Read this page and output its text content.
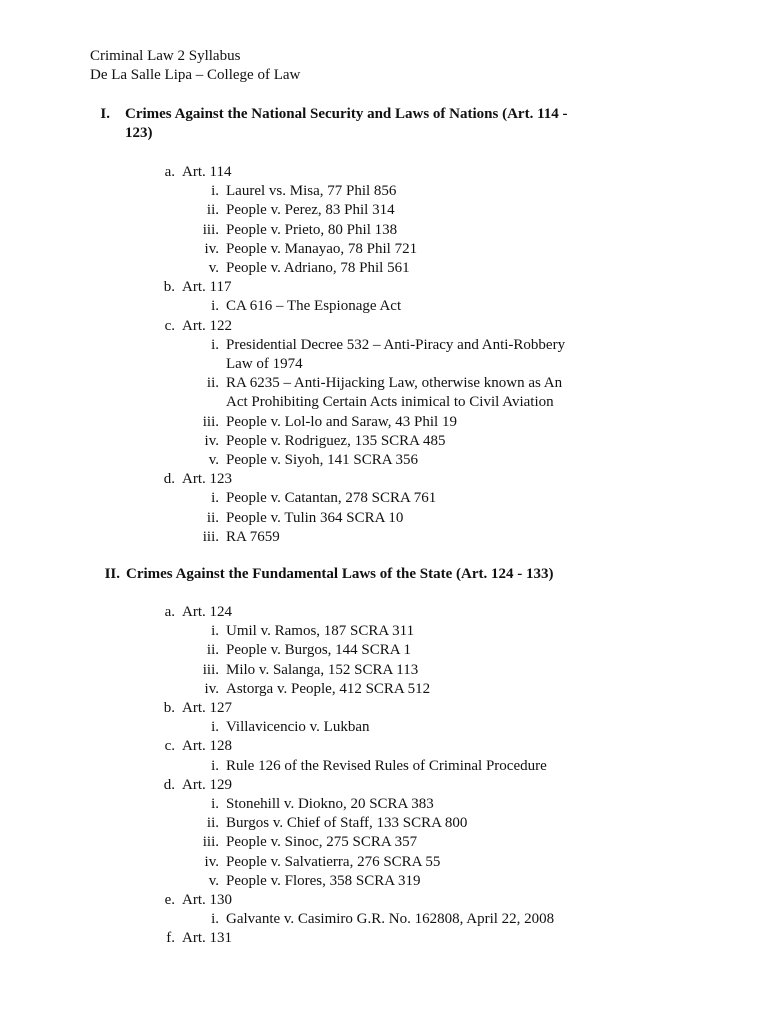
Criminal Law 2 Syllabus
De La Salle Lipa – College of Law
I. Crimes Against the National Security and Laws of Nations (Art. 114 -
123)
a. Art. 114
i. Laurel vs. Misa, 77 Phil 856
ii. People v. Perez, 83 Phil 314
iii. People v. Prieto, 80 Phil 138
iv. People v. Manayao, 78 Phil 721
v. People v. Adriano, 78 Phil 561
b. Art. 117
i. CA 616 – The Espionage Act
c. Art. 122
i. Presidential Decree 532 – Anti-Piracy and Anti-Robbery
Law of 1974
ii. RA 6235 – Anti-Hijacking Law, otherwise known as An
Act Prohibiting Certain Acts inimical to Civil Aviation
iii. People v. Lol-lo and Saraw, 43 Phil 19
iv. People v. Rodriguez, 135 SCRA 485
v. People v. Siyoh, 141 SCRA 356
d. Art. 123
i. People v. Catantan, 278 SCRA 761
ii. People v. Tulin 364 SCRA 10
iii. RA 7659
II. Crimes Against the Fundamental Laws of the State (Art. 124 - 133)
a. Art. 124
i. Umil v. Ramos, 187 SCRA 311
ii. People v. Burgos, 144 SCRA 1
iii. Milo v. Salanga, 152 SCRA 113
iv. Astorga v. People, 412 SCRA 512
b. Art. 127
i. Villavicencio v. Lukban
c. Art. 128
i. Rule 126 of the Revised Rules of Criminal Procedure
d. Art. 129
i. Stonehill v. Diokno, 20 SCRA 383
ii. Burgos v. Chief of Staff, 133 SCRA 800
iii. People v. Sinoc, 275 SCRA 357
iv. People v. Salvatierra, 276 SCRA 55
v. People v. Flores, 358 SCRA 319
e. Art. 130
i. Galvante v. Casimiro G.R. No. 162808, April 22, 2008
f. Art. 131
